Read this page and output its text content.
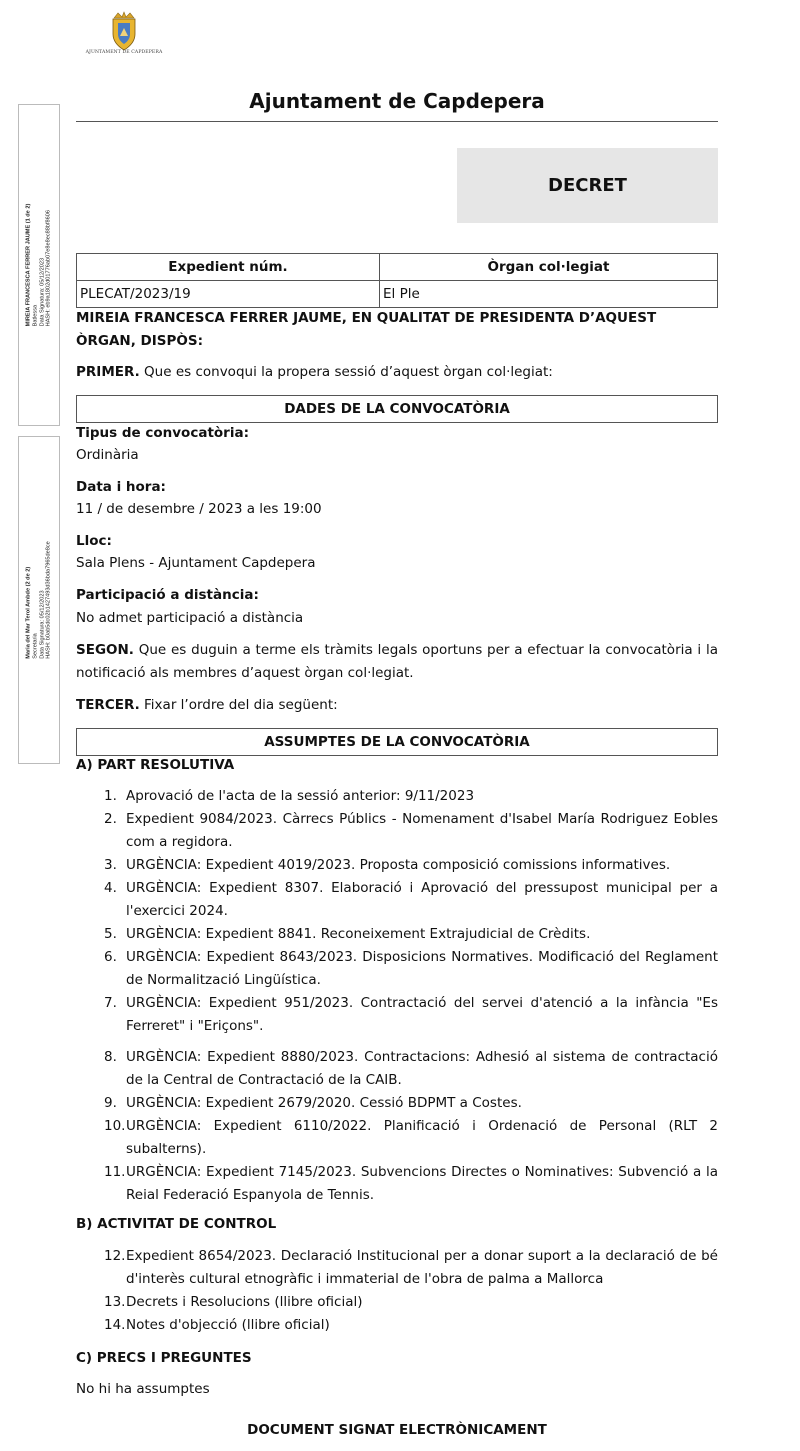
AJUNTAMENT DE CAPDEPERA
MIREIA FRANCESCA FERRER JAUME (1 de 2) Batlessa Data Signatura: 05/12/2023 HASH: eb9a1802d01776ab07e8e8ec88bf8606
Maria del Mar Terol Ambde (2 de 2) Secretaria Data Signatura: 05/12/2023 HASH: b0ab5dc02b1427493d36bda7965de8ce
Ajuntament de Capdepera
DECRET
Expedient núm.	Òrgan col·legiat
PLECAT/2023/19	El Ple
MIREIA FRANCESCA FERRER JAUME, EN QUALITAT DE PRESIDENTA D’AQUEST ÒRGAN, DISPÒS:
PRIMER. Que es convoqui la propera sessió d’aquest òrgan col·legiat:
DADES DE LA CONVOCATÒRIA
Tipus de convocatòria:
Ordinària
Data i hora:
11 / de desembre / 2023 a les 19:00
Lloc:
Sala Plens - Ajuntament Capdepera
Participació a distància:
No admet participació a distància
SEGON. Que es duguin a terme els tràmits legals oportuns per a efectuar la convocatòria i la notificació als membres d’aquest òrgan col·legiat.
TERCER. Fixar l’ordre del dia següent:
ASSUMPTES DE LA CONVOCATÒRIA
A) PART RESOLUTIVA
1. Aprovació de l'acta de la sessió anterior: 9/11/2023
2. Expedient 9084/2023. Càrrecs Públics - Nomenament d'Isabel María Rodriguez Eobles com a regidora.
3. URGÈNCIA: Expedient 4019/2023. Proposta composició comissions informatives.
4. URGÈNCIA: Expedient 8307. Elaboració i Aprovació del pressupost municipal per a l'exercici 2024.
5. URGÈNCIA: Expedient 8841. Reconeixement Extrajudicial de Crèdits.
6. URGÈNCIA: Expedient 8643/2023. Disposicions Normatives. Modificació del Reglament de Normalització Lingüística.
7. URGÈNCIA: Expedient 951/2023. Contractació del servei d'atenció a la infància "Es Ferreret" i "Eriçons".
8. URGÈNCIA: Expedient 8880/2023. Contractacions: Adhesió al sistema de contractació de la Central de Contractació de la CAIB.
9. URGÈNCIA: Expedient 2679/2020. Cessió BDPMT a Costes.
10. URGÈNCIA: Expedient 6110/2022. Planificació i Ordenació de Personal (RLT 2 subalterns).
11. URGÈNCIA: Expedient 7145/2023. Subvencions Directes o Nominatives: Subvenció a la Reial Federació Espanyola de Tennis.
B) ACTIVITAT DE CONTROL
12. Expedient 8654/2023. Declaració Institucional per a donar suport a la declaració de bé d'interès cultural etnogràfic i immaterial de l'obra de palma a Mallorca
13. Decrets i Resolucions (llibre oficial)
14. Notes d'objecció (llibre oficial)
C) PRECS I PREGUNTES
No hi ha assumptes
DOCUMENT SIGNAT ELECTRÒNICAMENT
